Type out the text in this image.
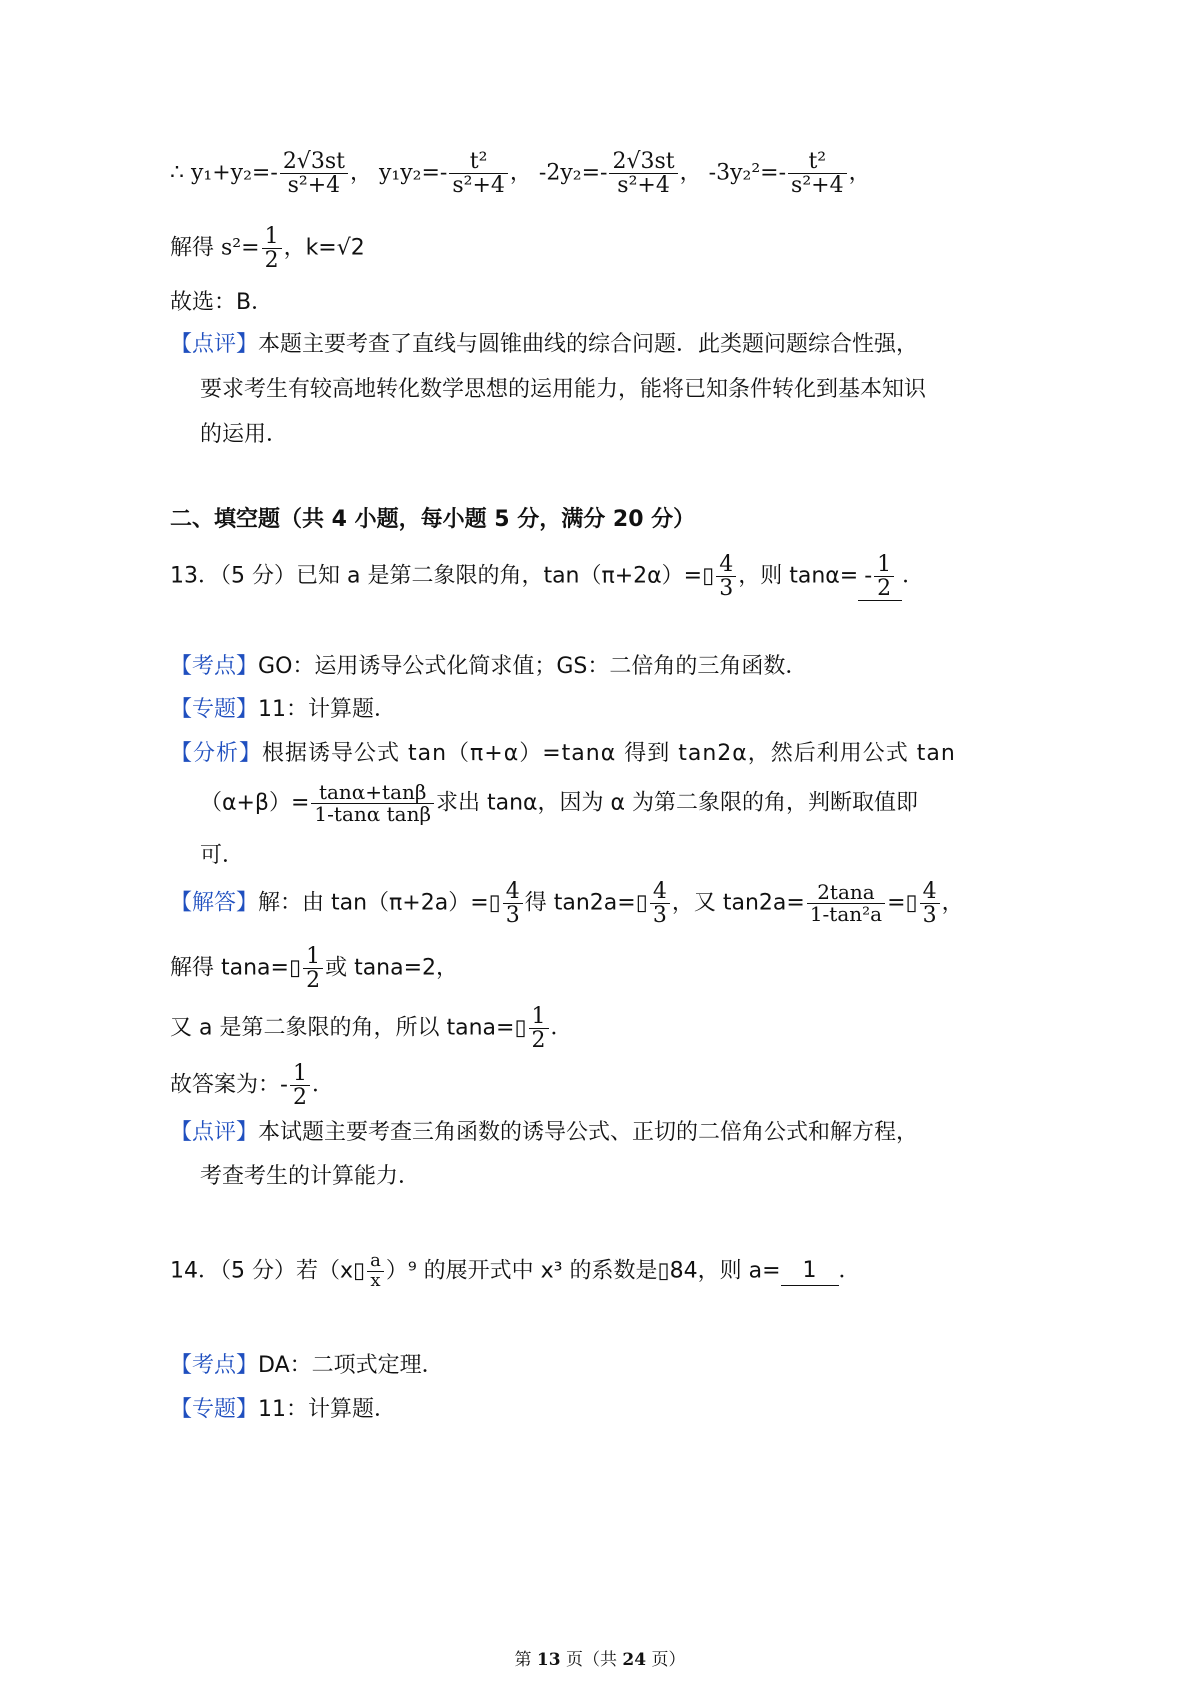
∴ $y_1+y_2=- \frac{2√3st}{\text{s²+4}}$ ， $y_1y_2=- \frac{\text{t²}}{\text{s²+4}}$ ， $-2y_2=- \frac{2√3st}{\text{s²+4}}$ ， $-3y_2^2=- \frac{\text{t²}}{\text{s²+4}}$ ，
解得 $s^2= \frac{1}{2}$ ，k=√2
故选：B．
【点评】本题主要考查了直线与圆锥曲线的综合问题．此类题问题综合性强，
要求考生有较高地转化数学思想的运用能力，能将已知条件转化到基本知识
的运用．
二、填空题（共 4 小题，每小题 5 分，满分 20 分）
13．（5 分）已知 a 是第二象限的角，tan（π+2α）=▯ $\frac{4}{3}$ ，则 $\tan\alpha= - \frac{1}{2}$ ．
【考点】GO：运用诱导公式化简求值；GS：二倍角的三角函数．
【专题】11：计算题．
【分析】根据诱导公式 tan（π+α）=tanα 得到 tan2α，然后利用公式 tan
$(\alpha+\beta)= \frac{\tan\alpha+\tan\beta}{\text{1-tanα tanβ}}$ 求出 tanα，因为 α 为第二象限的角，判断取值即
可．
【解答】解：由 tan（π+2a）=▯ $\frac{4}{3}$ 得 tan2a=▯ $\frac{4}{3}$ ，又 $\tan 2a= \frac{2\tan a}{\text{1-tan²a}}$ =▯ $\frac{4}{3}$ ，
解得 tana=▯ $\frac{1}{2}$ 或 tana=2，
又 a 是第二象限的角，所以 tana=▯ $\frac{1}{2}$ ．
故答案为：- $\frac{1}{2}$ ．
【点评】本试题主要考查三角函数的诱导公式、正切的二倍角公式和解方程，
考查考生的计算能力．
14．（5 分）若（x▯ $\frac{a}{x} )^9$ 的展开式中 x³ 的系数是▯84，则 a= 1 ．
【考点】DA：二项式定理．
【专题】11：计算题．
第 13 页（共 24 页）
